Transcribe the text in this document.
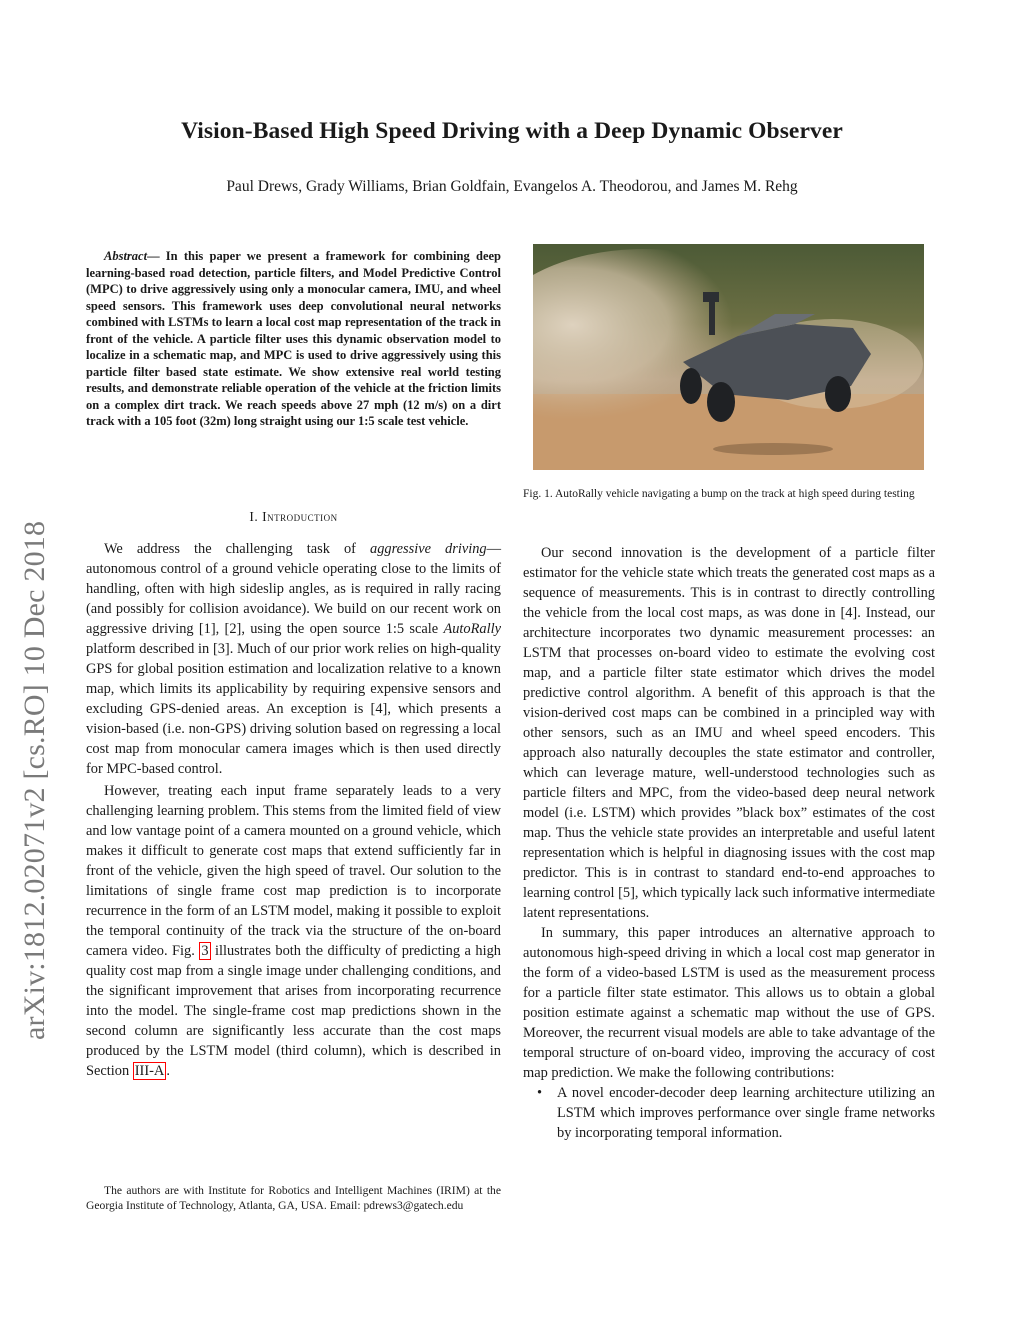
Vision-Based High Speed Driving with a Deep Dynamic Observer
Paul Drews, Grady Williams, Brian Goldfain, Evangelos A. Theodorou, and James M. Rehg
arXiv:1812.02071v2 [cs.RO] 10 Dec 2018

Abstract— In this paper we present a framework for combining deep learning-based road detection, particle filters, and Model Predictive Control (MPC) to drive aggressively using only a monocular camera, IMU, and wheel speed sensors. This framework uses deep convolutional neural networks combined with LSTMs to learn a local cost map representation of the track in front of the vehicle. A particle filter uses this dynamic observation model to localize in a schematic map, and MPC is used to drive aggressively using this particle filter based state estimate. We show extensive real world testing results, and demonstrate reliable operation of the vehicle at the friction limits on a complex dirt track. We reach speeds above 27 mph (12 m/s) on a dirt track with a 105 foot (32m) long straight using our 1:5 scale test vehicle.

I. Introduction

We address the challenging task of aggressive driving— autonomous control of a ground vehicle operating close to the limits of handling, often with high sideslip angles, as is required in rally racing (and possibly for collision avoidance). We build on our recent work on aggressive driving [1], [2], using the open source 1:5 scale AutoRally platform described in [3]. Much of our prior work relies on high-quality GPS for global position estimation and localization relative to a known map, which limits its applicability by requiring expensive sensors and excluding GPS-denied areas. An exception is [4], which presents a vision-based (i.e. non-GPS) driving solution based on regressing a local cost map from monocular camera images which is then used directly for MPC-based control.

However, treating each input frame separately leads to a very challenging learning problem. This stems from the limited field of view and low vantage point of a camera mounted on a ground vehicle, which makes it difficult to generate cost maps that extend sufficiently far in front of the vehicle, given the high speed of travel. Our solution to the limitations of single frame cost map prediction is to incorporate recurrence in the form of an LSTM model, making it possible to exploit the temporal continuity of the track via the structure of the on-board camera video. Fig. 3 illustrates both the difficulty of predicting a high quality cost map from a single image under challenging conditions, and the significant improvement that arises from incorporating recurrence into the model. The single-frame cost map predictions shown in the second column are significantly less accurate than the cost maps produced by the LSTM model (third column), which is described in Section III-A .

The authors are with Institute for Robotics and Intelligent Machines (IRIM) at the Georgia Institute of Technology, Atlanta, GA, USA. Email: pdrews3@gatech.edu

Fig. 1. AutoRally vehicle navigating a bump on the track at high speed during testing

Our second innovation is the development of a particle filter estimator for the vehicle state which treats the generated cost maps as a sequence of measurements. This is in contrast to directly controlling the vehicle from the local cost maps, as was done in [4]. Instead, our architecture incorporates two dynamic measurement processes: an LSTM that processes on-board video to estimate the evolving cost map, and a particle filter state estimator which drives the model predictive control algorithm. A benefit of this approach is that the vision-derived cost maps can be combined in a principled way with other sensors, such as an IMU and wheel speed encoders. This approach also naturally decouples the state estimator and controller, which can leverage mature, well-understood technologies such as particle filters and MPC, from the video-based deep neural network model (i.e. LSTM) which provides ”black box” estimates of the cost map. Thus the vehicle state provides an interpretable and useful latent representation which is helpful in diagnosing issues with the cost map predictor. This is in contrast to standard end-to-end approaches to learning control [5], which typically lack such informative intermediate latent representations.

In summary, this paper introduces an alternative approach to autonomous high-speed driving in which a local cost map generator in the form of a video-based LSTM is used as the measurement process for a particle filter state estimator. This allows us to obtain a global position estimate against a schematic map without the use of GPS. Moreover, the recurrent visual models are able to take advantage of the temporal structure of on-board video, improving the accuracy of cost map prediction. We make the following contributions:

• A novel encoder-decoder deep learning architecture utilizing an LSTM which improves performance over single frame networks by incorporating temporal information.
